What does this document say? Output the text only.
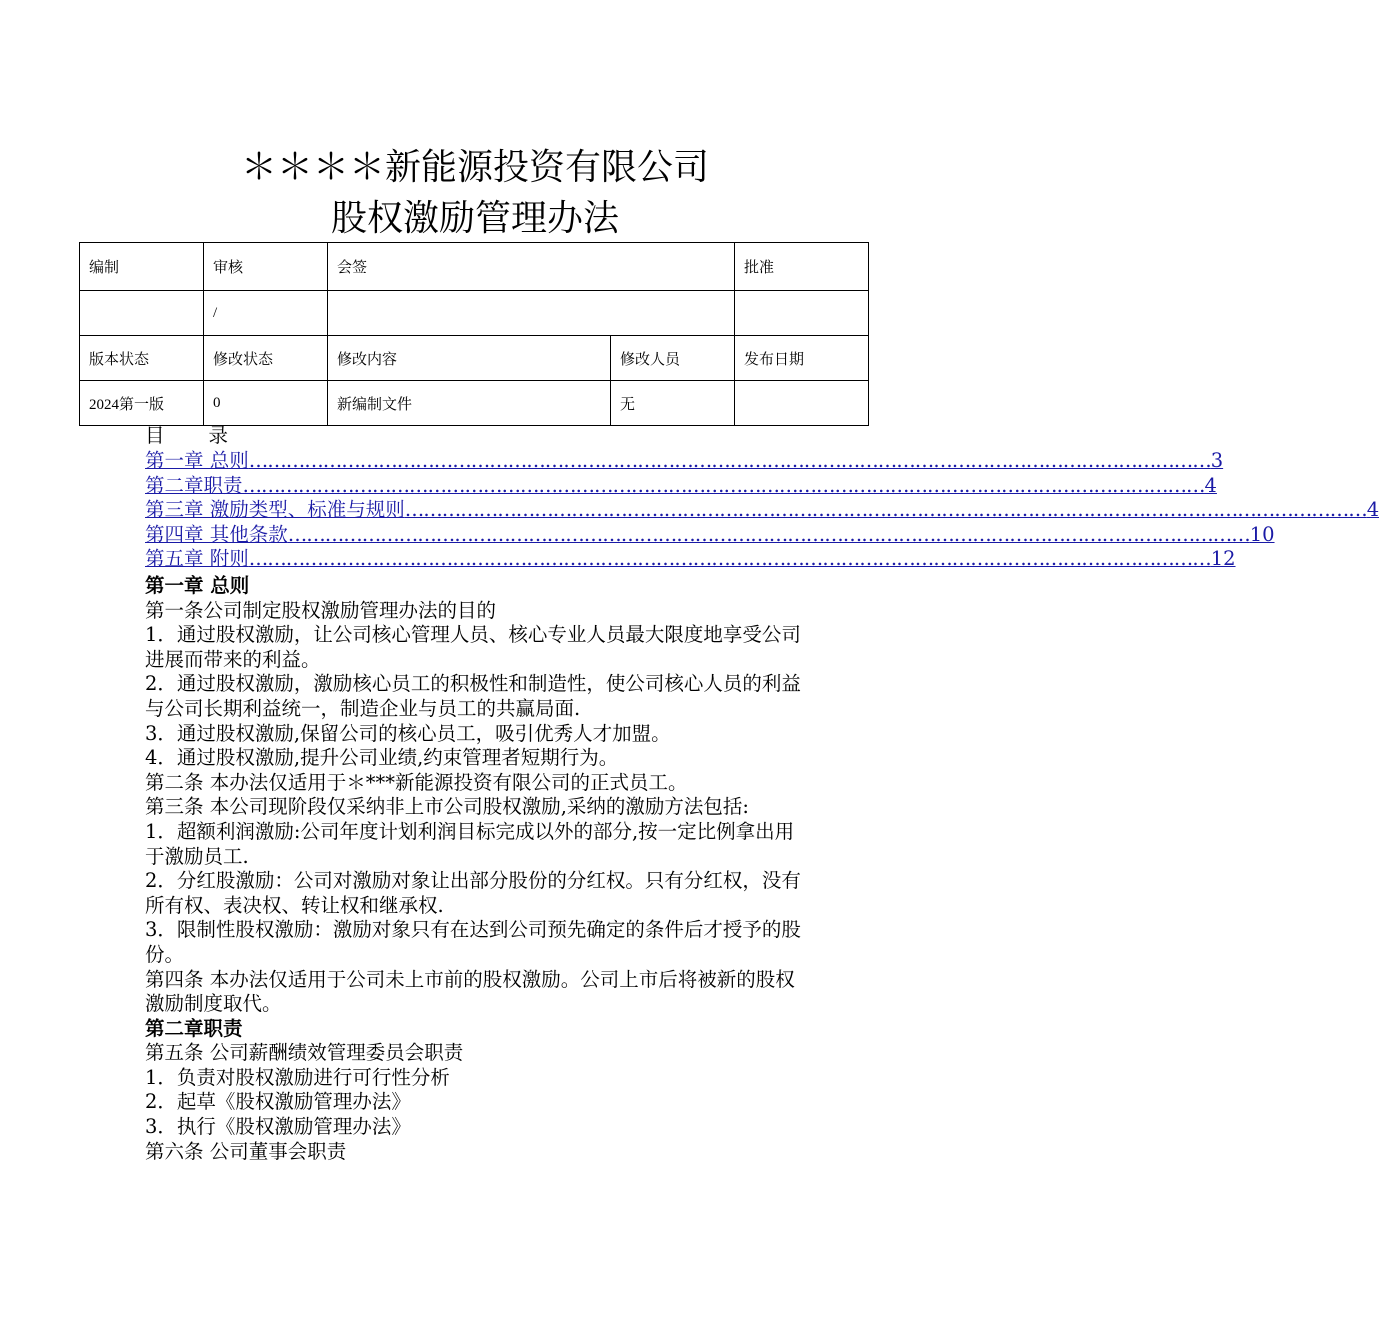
＊＊＊＊新能源投资有限公司
股权激励管理办法
编制	审核	会签		批准
	/			
版本状态	修改状态	修改内容	修改人员	发布日期
2024第一版	0	新编制文件	无	
目 录
第一章 总则 ………………………………………………………………………………………………………………………………………… 3
第二章职责 ………………………………………………………………………………………………………………………………………… 4
第三章 激励类型、标准与规则 ………………………………………………………………………………………………………………………………………… 4
第四章 其他条款 ………………………………………………………………………………………………………………………………………… 10
第五章 附则 ………………………………………………………………………………………………………………………………………… 12

第一章 总则

第一条公司制定股权激励管理办法的目的

1．通过股权激励，让公司核心管理人员、核心专业人员最大限度地享受公司进展而带来的利益。

2．通过股权激励，激励核心员工的积极性和制造性，使公司核心人员的利益与公司长期利益统一，制造企业与员工的共赢局面.

3．通过股权激励,保留公司的核心员工，吸引优秀人才加盟。

4．通过股权激励,提升公司业绩,约束管理者短期行为。

第二条 本办法仅适用于＊***新能源投资有限公司的正式员工。

第三条 本公司现阶段仅采纳非上市公司股权激励,采纳的激励方法包括:

1．超额利润激励:公司年度计划利润目标完成以外的部分,按一定比例拿出用于激励员工.

2．分红股激励：公司对激励对象让出部分股份的分红权。只有分红权，没有所有权、表决权、转让权和继承权.

3．限制性股权激励：激励对象只有在达到公司预先确定的条件后才授予的股份。

第四条 本办法仅适用于公司未上市前的股权激励。公司上市后将被新的股权激励制度取代。

第二章职责

第五条 公司薪酬绩效管理委员会职责

1．负责对股权激励进行可行性分析

2．起草《股权激励管理办法》

3．执行《股权激励管理办法》

第六条 公司董事会职责
